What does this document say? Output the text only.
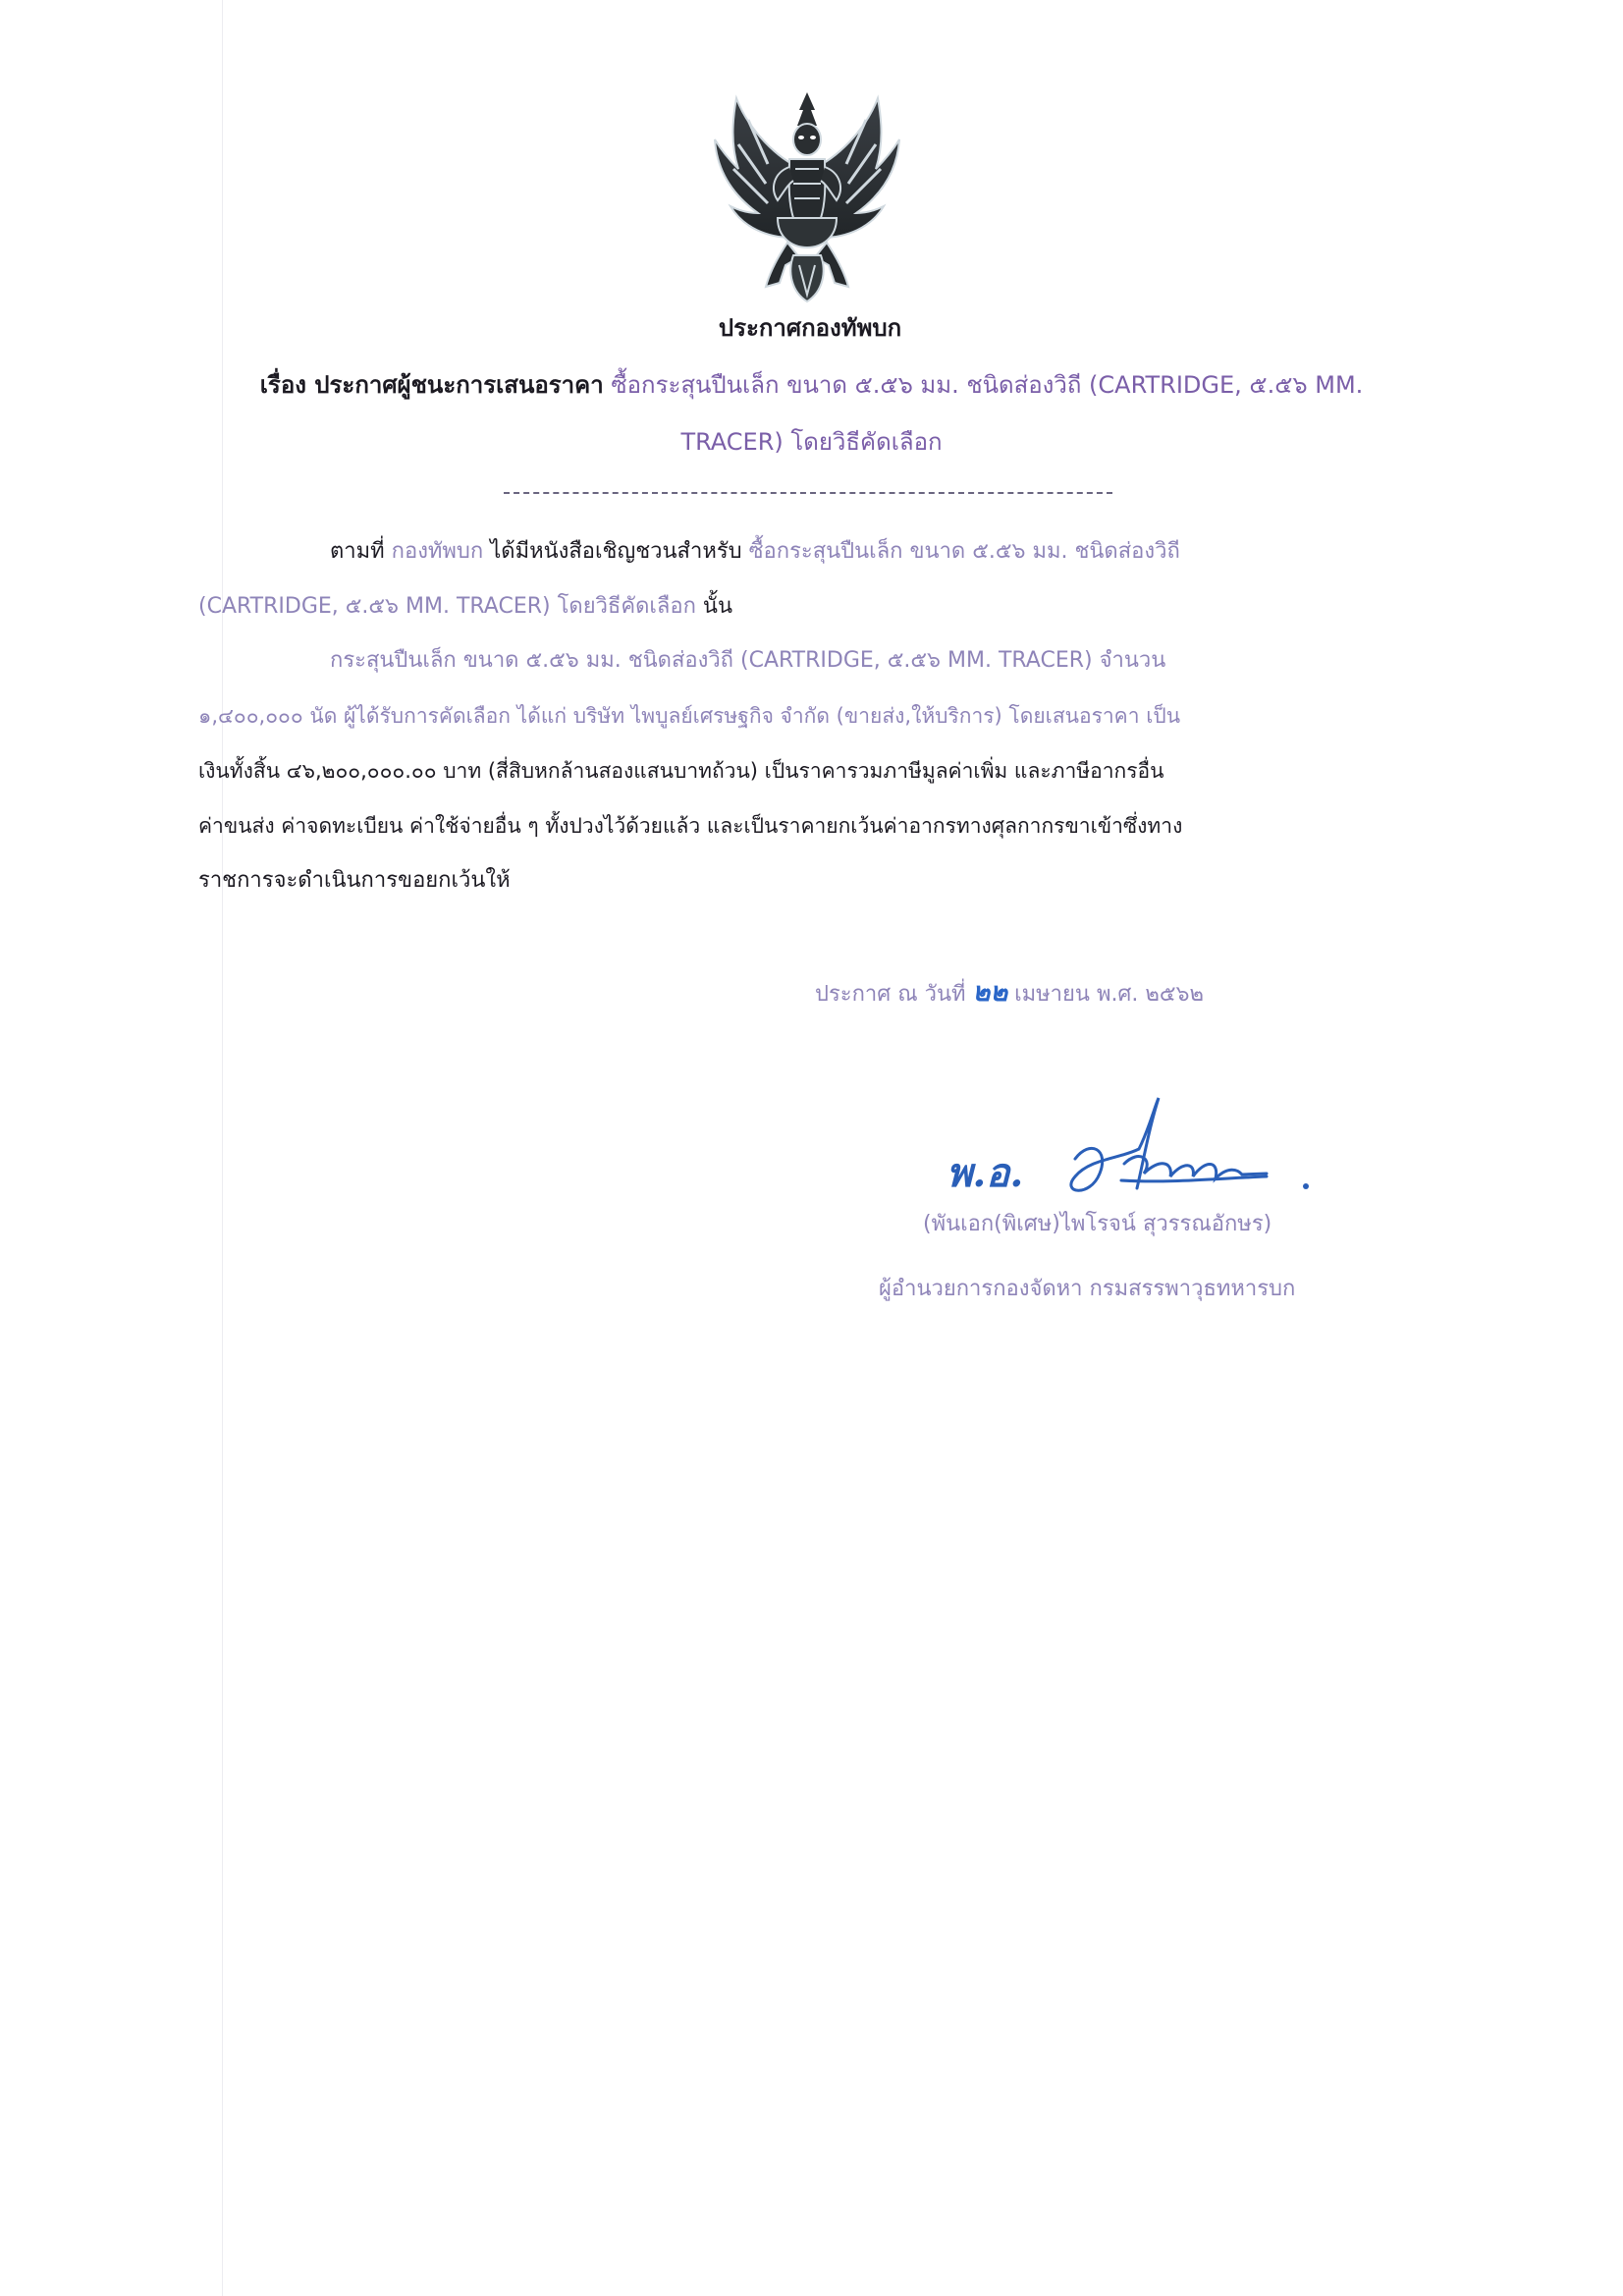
ประกาศกองทัพบก
เรื่อง ประกาศผู้ชนะการเสนอราคา ซื้อกระสุนปืนเล็ก ขนาด ๕.๕๖ มม. ชนิดส่องวิถี (CARTRIDGE, ๕.๕๖ MM.
TRACER) โดยวิธีคัดเลือก
ตามที่ กองทัพบก ได้มีหนังสือเชิญชวนสำหรับ ซื้อกระสุนปืนเล็ก ขนาด ๕.๕๖ มม. ชนิดส่องวิถี
(CARTRIDGE, ๕.๕๖ MM. TRACER) โดยวิธีคัดเลือก นั้น
กระสุนปืนเล็ก ขนาด ๕.๕๖ มม. ชนิดส่องวิถี (CARTRIDGE, ๕.๕๖ MM. TRACER) จำนวน
๑,๔๐๐,๐๐๐ นัด ผู้ได้รับการคัดเลือก ได้แก่ บริษัท ไพบูลย์เศรษฐกิจ จำกัด (ขายส่ง,ให้บริการ) โดยเสนอราคา เป็น
เงินทั้งสิ้น ๔๖,๒๐๐,๐๐๐.๐๐ บาท (สี่สิบหกล้านสองแสนบาทถ้วน) เป็นราคารวมภาษีมูลค่าเพิ่ม และภาษีอากรอื่น
ค่าขนส่ง ค่าจดทะเบียน ค่าใช้จ่ายอื่น ๆ ทั้งปวงไว้ด้วยแล้ว และเป็นราคายกเว้นค่าอากรทางศุลกากรขาเข้าซึ่งทาง
ราชการจะดำเนินการขอยกเว้นให้
ประกาศ ณ วันที่ ๒๒ เมษายน พ.ศ. ๒๕๖๒
พ.อ.
(พันเอก(พิเศษ)ไพโรจน์ สุวรรณอักษร)
ผู้อำนวยการกองจัดหา กรมสรรพาวุธทหารบก
